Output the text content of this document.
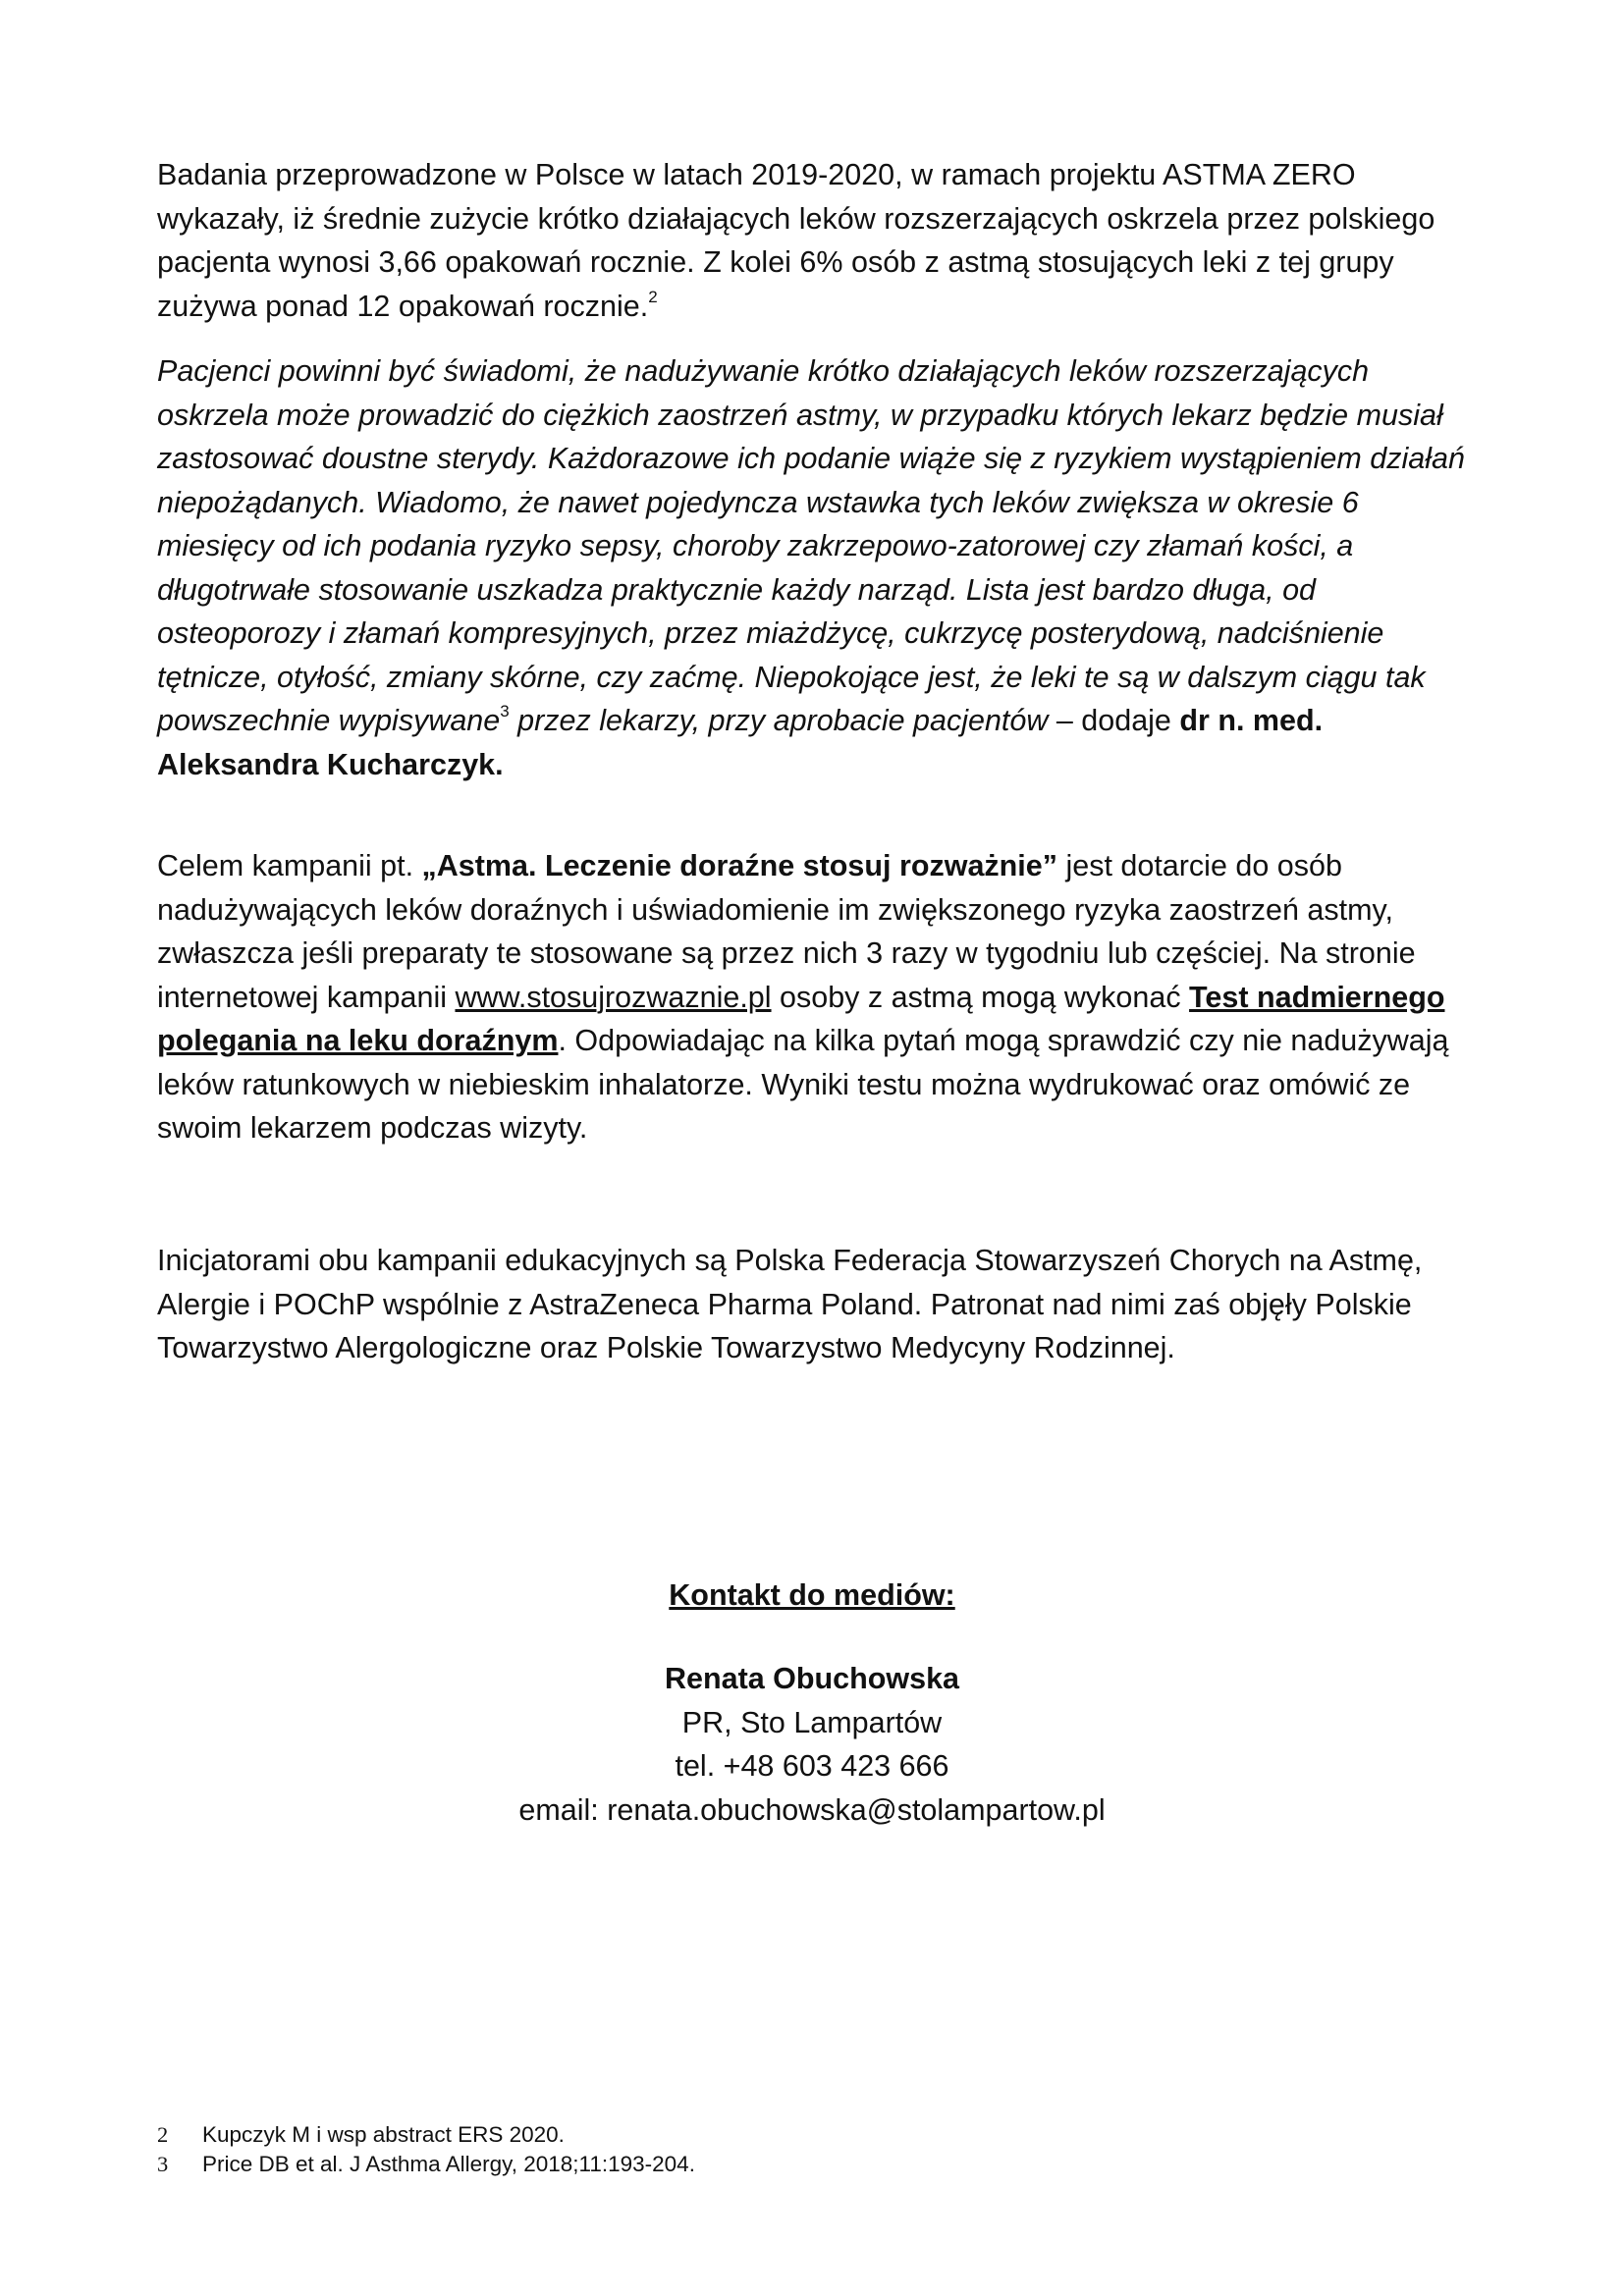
Badania przeprowadzone w Polsce w latach 2019-2020, w ramach projektu ASTMA ZERO wykazały, iż średnie zużycie krótko działających leków rozszerzających oskrzela przez polskiego pacjenta wynosi 3,66 opakowań rocznie. Z kolei 6% osób z astmą stosujących leki z tej grupy zużywa ponad 12 opakowań rocznie.$^2$

Pacjenci powinni być świadomi, że nadużywanie krótko działających leków rozszerzających oskrzela może prowadzić do ciężkich zaostrzeń astmy, w przypadku których lekarz będzie musiał zastosować doustne sterydy. Każdorazowe ich podanie wiąże się z ryzykiem wystąpieniem działań niepożądanych. Wiadomo, że nawet pojedyncza wstawka tych leków zwiększa w okresie 6 miesięcy od ich podania ryzyko sepsy, choroby zakrzepowo-zatorowej czy złamań kości, a długotrwałe stosowanie uszkadza praktycznie każdy narząd. Lista jest bardzo długa, od osteoporozy i złamań kompresyjnych, przez miażdżycę, cukrzycę posterydową, nadciśnienie tętnicze, otyłość, zmiany skórne, czy zaćmę. Niepokojące jest, że leki te są w dalszym ciągu tak powszechnie wypisywane$^3$ przez lekarzy, przy aprobacie pacjentów – dodaje dr n. med. Aleksandra Kucharczyk.

Celem kampanii pt. „Astma. Leczenie doraźne stosuj rozważnie” jest dotarcie do osób nadużywających leków doraźnych i uświadomienie im zwiększonego ryzyka zaostrzeń astmy, zwłaszcza jeśli preparaty te stosowane są przez nich 3 razy w tygodniu lub częściej. Na stronie internetowej kampanii www.stosujrozwaznie.pl osoby z astmą mogą wykonać Test nadmiernego polegania na leku doraźnym. Odpowiadając na kilka pytań mogą sprawdzić czy nie nadużywają leków ratunkowych w niebieskim inhalatorze. Wyniki testu można wydrukować oraz omówić ze swoim lekarzem podczas wizyty.

Inicjatorami obu kampanii edukacyjnych są Polska Federacja Stowarzyszeń Chorych na Astmę, Alergie i POChP wspólnie z AstraZeneca Pharma Poland. Patronat nad nimi zaś objęły Polskie Towarzystwo Alergologiczne oraz Polskie Towarzystwo Medycyny Rodzinnej.

Kontakt do mediów:
Renata Obuchowska
PR, Sto Lampartów
tel. +48 603 423 666
email: renata.obuchowska@stolampartow.pl
2 Kupczyk M i wsp abstract ERS 2020.
3 Price DB et al. J Asthma Allergy, 2018;11:193-204.
